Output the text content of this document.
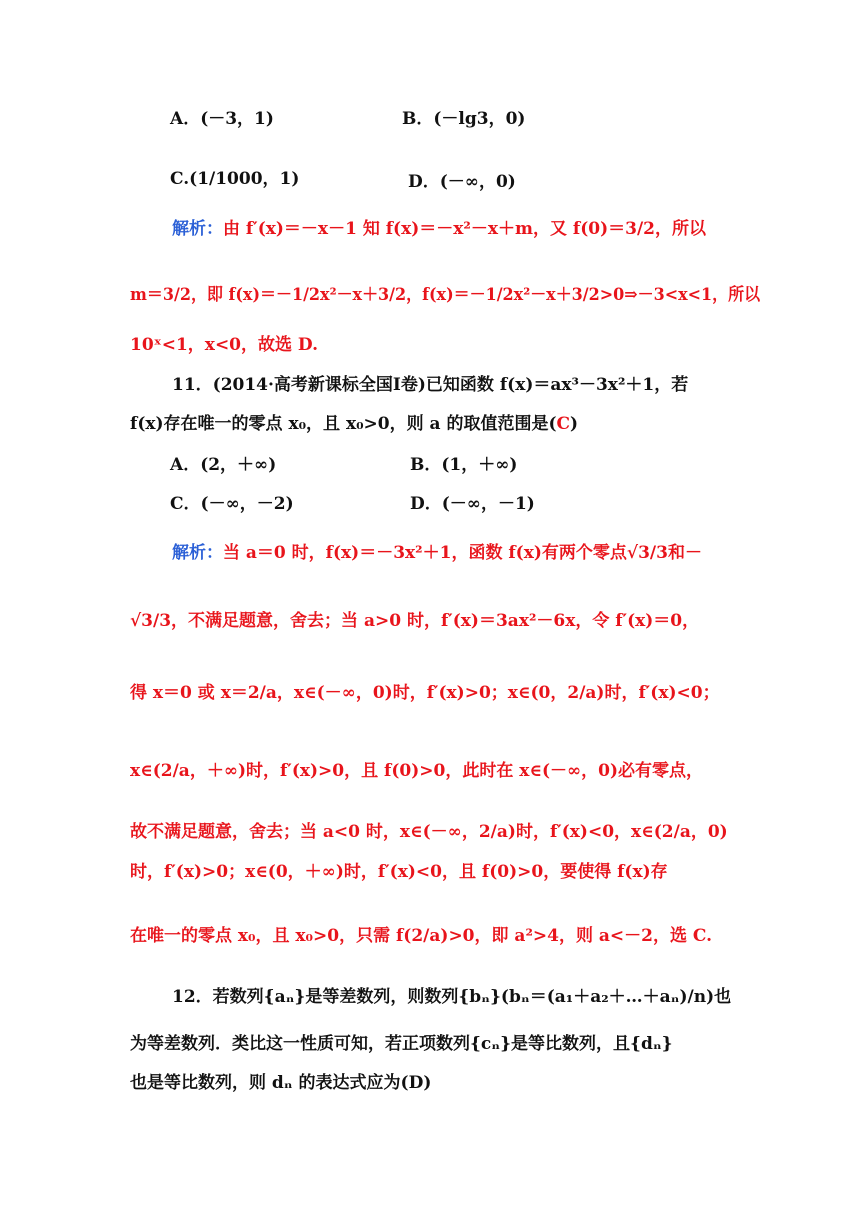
A．(－3，1)	B．(－lg3，0)
C.(1/1000，1)	D．(－∞，0)
解析：由 f′(x)＝－x－1 知 f(x)＝－x²－x＋m，又 f(0)＝3/2，所以
m＝3/2，即 f(x)＝－1/2x²－x＋3/2，f(x)＝－1/2x²－x＋3/2>0⇒－3<x<1，所以
10ˣ<1，x<0，故选 D.
11．(2014·高考新课标全国Ⅰ卷)已知函数 f(x)＝ax³－3x²＋1，若
f(x)存在唯一的零点 x₀，且 x₀>0，则 a 的取值范围是(C)
A．(2，＋∞)	B．(1，＋∞)
C．(－∞，－2)	D．(－∞，－1)
解析：当 a＝0 时，f(x)＝－3x²＋1，函数 f(x)有两个零点√3/3和－
√3/3，不满足题意，舍去；当 a>0 时，f′(x)＝3ax²－6x，令 f′(x)＝0，
得 x＝0 或 x＝2/a，x∈(－∞，0)时，f′(x)>0；x∈(0，2/a)时，f′(x)<0；
x∈(2/a，＋∞)时，f′(x)>0，且 f(0)>0，此时在 x∈(－∞，0)必有零点，
故不满足题意，舍去；当 a<0 时，x∈(－∞，2/a)时，f′(x)<0，x∈(2/a，0)
时，f′(x)>0；x∈(0，＋∞)时，f′(x)<0，且 f(0)>0，要使得 f(x)存
在唯一的零点 x₀，且 x₀>0，只需 f(2/a)>0，即 a²>4，则 a<－2，选 C.
12．若数列{aₙ}是等差数列，则数列{bₙ}(bₙ＝(a₁＋a₂＋…＋aₙ)/n)也
为等差数列．类比这一性质可知，若正项数列{cₙ}是等比数列，且{dₙ}
也是等比数列，则 dₙ 的表达式应为(D)
